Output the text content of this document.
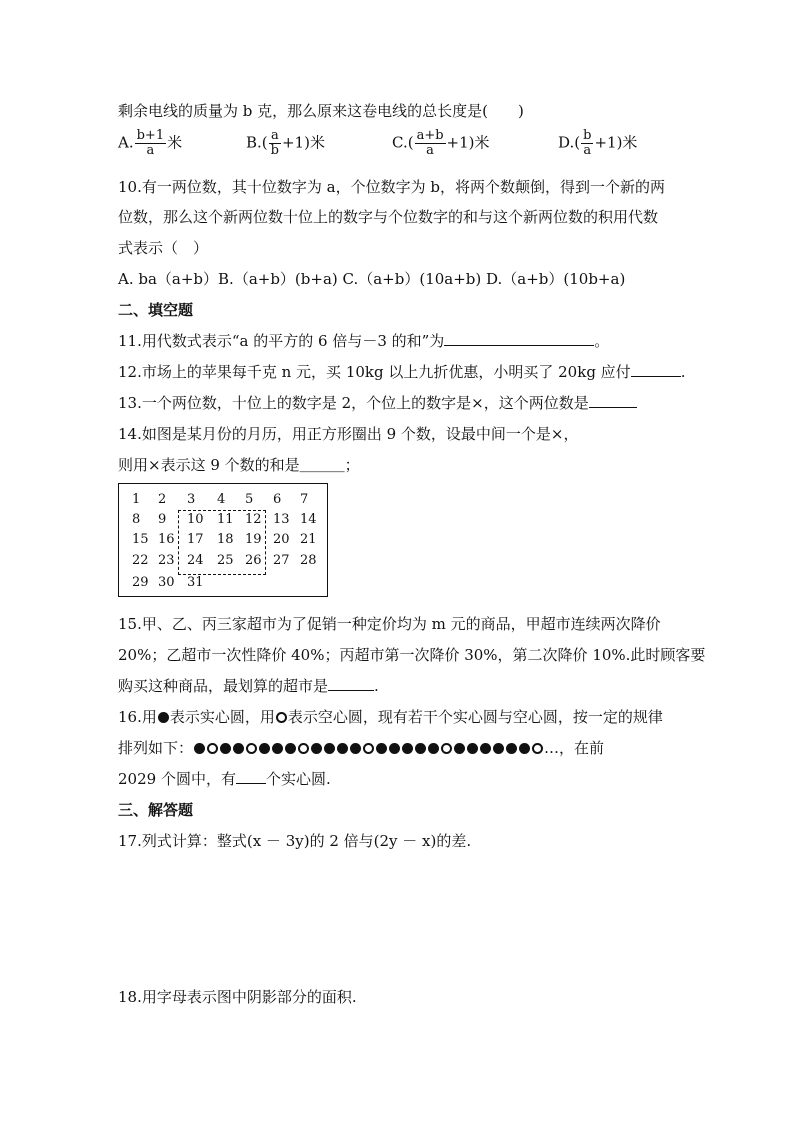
剩余电线的质量为 b 克，那么原来这卷电线的总长度是(　　)
A. $\frac{b+1}{a}$ 米	$B.( \frac{a}{b} +1)$米	$C.( \frac{a+b}{a} +1)$米	$D.( \frac{b}{a} +1)$米
10.有一两位数，其十位数字为 a，个位数字为 b，将两个数颠倒，得到一个新的两
位数，那么这个新两位数十位上的数字与个位数字的和与这个新两位数的积用代数
式表示（　）
A. ba（a+b）B.（a+b）(b+a) C.（a+b）(10a+b) D.（a+b）(10b+a)
二、填空题
11.用代数式表示“a 的平方的 6 倍与－3 的和”为	。
12.市场上的苹果每千克 n 元，买 10kg 以上九折优惠，小明买了 20kg 应付	.
13.一个两位数，十位上的数字是 2，个位上的数字是×，这个两位数是
14.如图是某月份的月历，用正方形圈出 9 个数，设最中间一个是×，
则用×表示这 9 个数的和是＿＿＿；
1 2 3 4 5 6 7
8 9 10 11 12 13 14
15 16 17 18 19 20 21
22 23 24 25 26 27 28
29 30 31
15.甲、乙、丙三家超市为了促销一种定价均为 m 元的商品，甲超市连续两次降价
20%；乙超市一次性降价 40%；丙超市第一次降价 30%，第二次降价 10%.此时顾客要
购买这种商品，最划算的超市是	.
16.用 表示实心圆，用 表示空心圆，现有若干个实心圆与空心圆，按一定的规律
排列如下：	…，在前
2029 个圆中，有 个实心圆.
三、解答题
17.列式计算：整式(x － 3y)的 2 倍与(2y － x)的差.
18.用字母表示图中阴影部分的面积.
